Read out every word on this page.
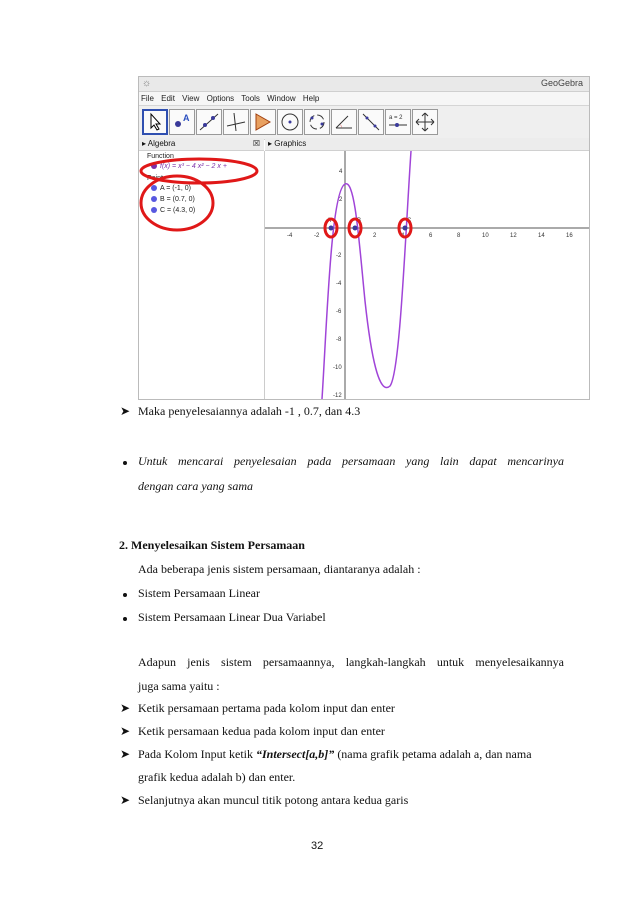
☼	GeoGebra
File Edit View Options Tools Window Help
A	a = 2
▸ Algebra	☒	▸ Graphics
Function
f(x) = x³ − 4 x² − 2 x +
Point
A = (-1, 0)
B = (0.7, 0)
C = (4.3, 0)
-4	-2	2	4	6	8	10	12	14	16
4
2
-2
-4
-6
-8
-10
-12
A	B	C
➤ Maka penyelesaiannya adalah -1 , 0.7, dan 4.3
Untuk mencarai penyelesaian pada persamaan yang lain dapat mencarinya
dengan cara yang sama
2. Menyelesaikan Sistem Persamaan
Ada beberapa jenis sistem persamaan, diantaranya adalah :
Sistem Persamaan Linear
Sistem Persamaan Linear Dua Variabel
Adapun jenis sistem persamaannya, langkah-langkah untuk menyelesaikannya
juga sama yaitu :
➤ Ketik persamaan pertama pada kolom input dan enter
➤ Ketik persamaan kedua pada kolom input dan enter
➤ Pada Kolom Input ketik “Intersect[a,b]” (nama grafik petama adalah a, dan nama
grafik kedua adalah b) dan enter.
➤ Selanjutnya akan muncul titik potong antara kedua garis
32
